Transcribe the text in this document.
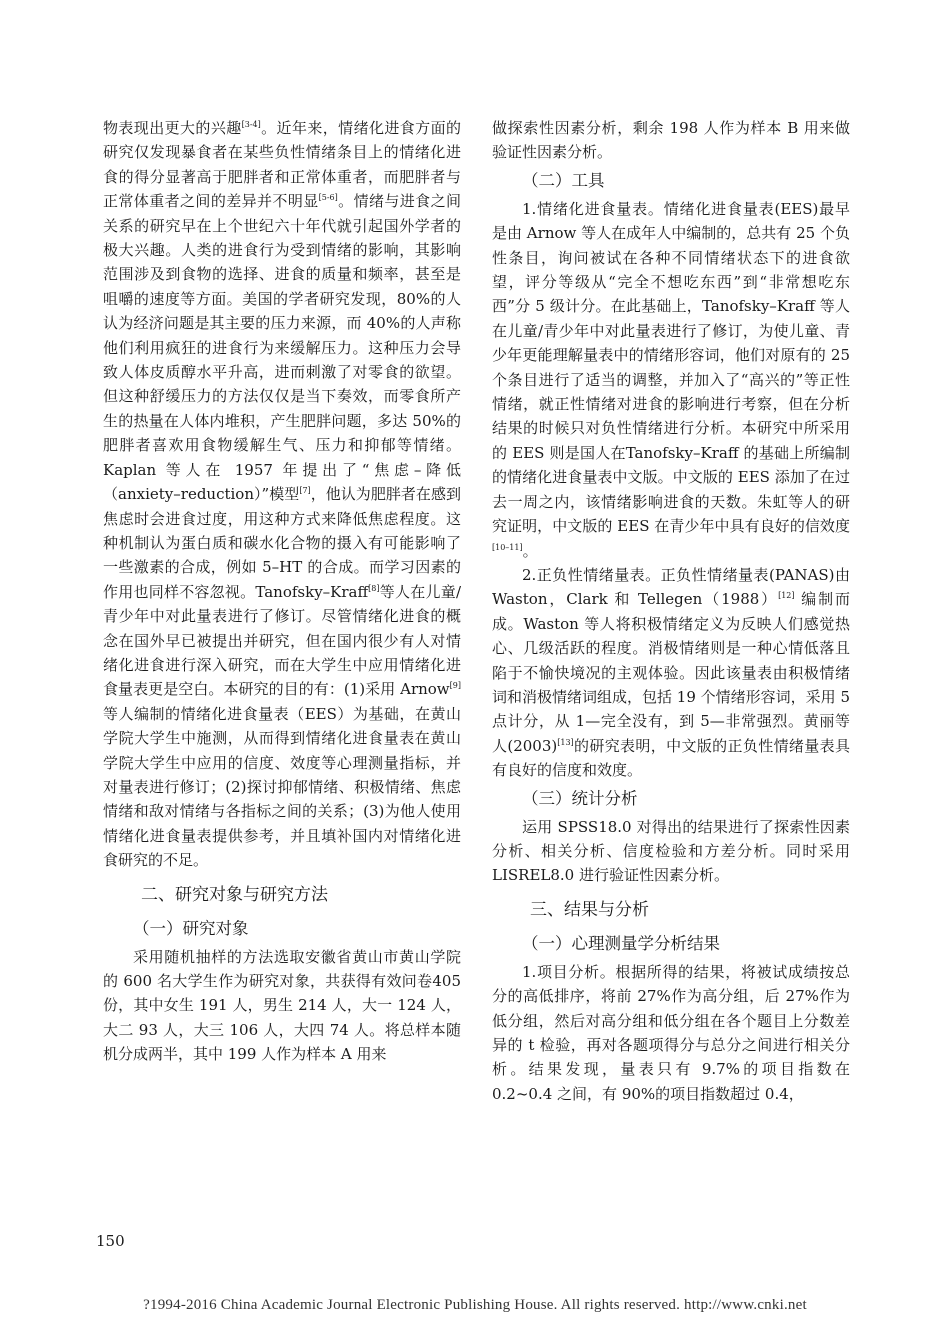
物表现出更大的兴趣[3-4]。近年来，情绪化进食方面的研究仅发现暴食者在某些负性情绪条目上的情绪化进食的得分显著高于肥胖者和正常体重者，而肥胖者与正常体重者之间的差异并不明显[5-6]。情绪与进食之间关系的研究早在上个世纪六十年代就引起国外学者的极大兴趣。人类的进食行为受到情绪的影响，其影响范围涉及到食物的选择、进食的质量和频率，甚至是咀嚼的速度等方面。美国的学者研究发现，80%的人认为经济问题是其主要的压力来源，而 40%的人声称他们利用疯狂的进食行为来缓解压力。这种压力会导致人体皮质醇水平升高，进而刺激了对零食的欲望。但这种舒缓压力的方法仅仅是当下奏效，而零食所产生的热量在人体内堆积，产生肥胖问题，多达 50%的肥胖者喜欢用食物缓解生气、压力和抑郁等情绪。Kaplan 等人在 1957 年提出了“焦虑–降低（anxiety–reduction）”模型[7]，他认为肥胖者在感到焦虑时会进食过度，用这种方式来降低焦虑程度。这种机制认为蛋白质和碳水化合物的摄入有可能影响了一些激素的合成，例如 5–HT 的合成。而学习因素的作用也同样不容忽视。Tanofsky–Kraff[8]等人在儿童/青少年中对此量表进行了修订。尽管情绪化进食的概念在国外早已被提出并研究，但在国内很少有人对情绪化进食进行深入研究，而在大学生中应用情绪化进食量表更是空白。本研究的目的有：(1)采用 Arnow[9]等人编制的情绪化进食量表（EES）为基础，在黄山学院大学生中施测，从而得到情绪化进食量表在黄山学院大学生中应用的信度、效度等心理测量指标，并对量表进行修订；(2)探讨抑郁情绪、积极情绪、焦虑情绪和敌对情绪与各指标之间的关系；(3)为他人使用情绪化进食量表提供参考，并且填补国内对情绪化进食研究的不足。

二、研究对象与研究方法
（一）研究对象

采用随机抽样的方法选取安徽省黄山市黄山学院的 600 名大学生作为研究对象，共获得有效问卷405 份，其中女生 191 人，男生 214 人，大一 124 人，大二 93 人，大三 106 人，大四 74 人。将总样本随机分成两半，其中 199 人作为样本 A 用来

做探索性因素分析，剩余 198 人作为样本 B 用来做验证性因素分析。

（二）工具

1.情绪化进食量表。情绪化进食量表(EES)最早是由 Arnow 等人在成年人中编制的，总共有 25 个负性条目，询问被试在各种不同情绪状态下的进食欲望，评分等级从“完全不想吃东西”到“非常想吃东西”分 5 级计分。在此基础上，Tanofsky–Kraff 等人在儿童/青少年中对此量表进行了修订，为使儿童、青少年更能理解量表中的情绪形容词，他们对原有的 25 个条目进行了适当的调整，并加入了“高兴的”等正性情绪，就正性情绪对进食的影响进行考察，但在分析结果的时候只对负性情绪进行分析。本研究中所采用的 EES 则是国人在Tanofsky–Kraff 的基础上所编制的情绪化进食量表中文版。中文版的 EES 添加了在过去一周之内，该情绪影响进食的天数。朱虹等人的研究证明，中文版的 EES 在青少年中具有良好的信效度[10–11]。

2.正负性情绪量表。正负性情绪量表(PANAS)由Waston，Clark 和 Tellegen（1988）[12] 编制而成。Waston 等人将积极情绪定义为反映人们感觉热心、几级活跃的程度。消极情绪则是一种心情低落且陷于不愉快境况的主观体验。因此该量表由积极情绪词和消极情绪词组成，包括 19 个情绪形容词，采用 5 点计分，从 1—完全没有，到 5—非常强烈。黄丽等人(2003)[13]的研究表明，中文版的正负性情绪量表具有良好的信度和效度。

（三）统计分析

运用 SPSS18.0 对得出的结果进行了探索性因素分析、相关分析、信度检验和方差分析。同时采用 LISREL8.0 进行验证性因素分析。

三、结果与分析
（一）心理测量学分析结果

1.项目分析。根据所得的结果，将被试成绩按总分的高低排序，将前 27%作为高分组，后 27%作为低分组，然后对高分组和低分组在各个题目上分数差异的 t 检验，再对各题项得分与总分之间进行相关分析。结果发现，量表只有 9.7%的项目指数在 0.2~0.4 之间，有 90%的项目指数超过 0.4，

150
?1994-2016 China Academic Journal Electronic Publishing House. All rights reserved. http://www.cnki.net
